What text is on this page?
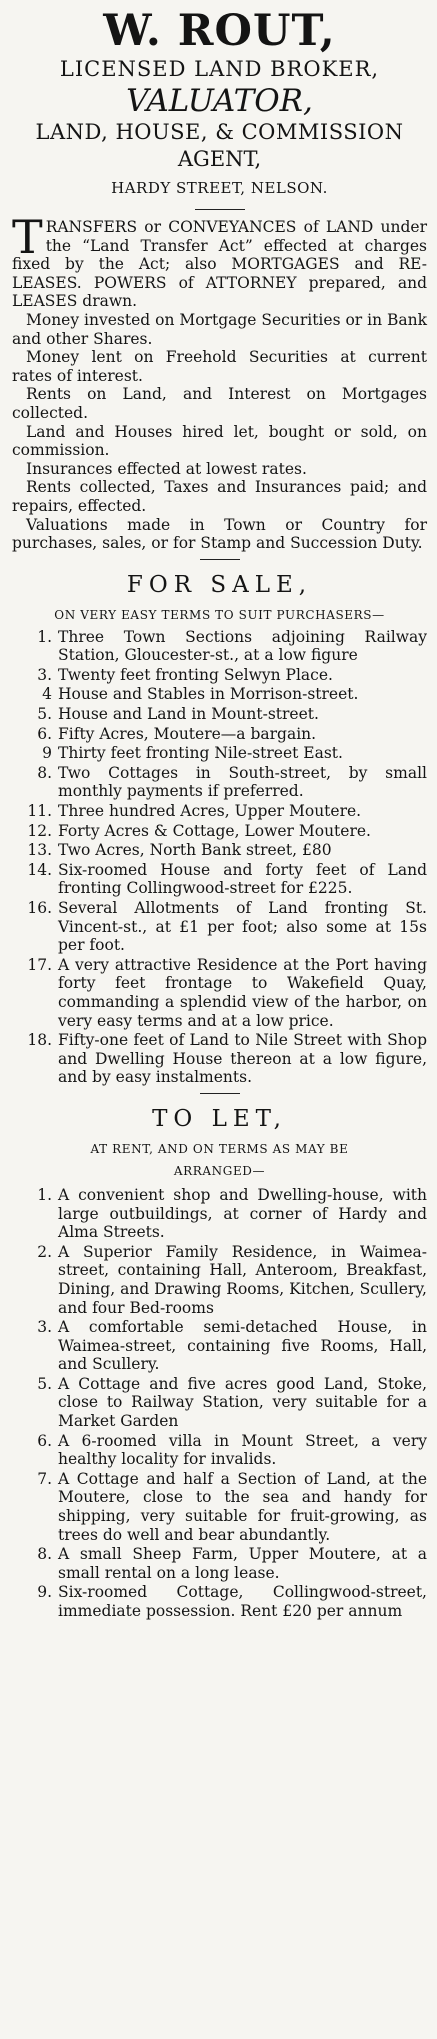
W. ROUT,
LICENSED LAND BROKER,
VALUATOR,
LAND, HOUSE, & COMMISSION
AGENT,
HARDY STREET, NELSON.

TRANSFERS or CONVEYANCES of LAND under the “Land Transfer Act” effected at charges fixed by the Act; also MORTGAGES and RE-LEASES. POWERS of ATTORNEY prepared, and LEASES drawn.

Money invested on Mortgage Securities or in Bank and other Shares.

Money lent on Freehold Securities at current rates of interest.

Rents on Land, and Interest on Mortgages collected.

Land and Houses hired let, bought or sold, on commission.

Insurances effected at lowest rates.

Rents collected, Taxes and Insurances paid; and repairs, effected.

Valuations made in Town or Country for purchases, sales, or for Stamp and Succession Duty.

FOR SALE,
ON VERY EASY TERMS TO SUIT PURCHASERS—
1. Three Town Sections adjoining Railway Station, Gloucester-st., at a low figure
3. Twenty feet fronting Selwyn Place.
4 House and Stables in Morrison-street.
5. House and Land in Mount-street.
6. Fifty Acres, Moutere—a bargain.
9 Thirty feet fronting Nile-street East.
8. Two Cottages in South-street, by small monthly payments if preferred.
11. Three hundred Acres, Upper Moutere.
12. Forty Acres & Cottage, Lower Moutere.
13. Two Acres, North Bank street, £80
14. Six-roomed House and forty feet of Land fronting Collingwood-street for £225.
16. Several Allotments of Land fronting St. Vincent-st., at £1 per foot; also some at 15s per foot.
17. A very attractive Residence at the Port having forty feet frontage to Wakefield Quay, commanding a splendid view of the harbor, on very easy terms and at a low price.
18. Fifty-one feet of Land to Nile Street with Shop and Dwelling House thereon at a low figure, and by easy instalments.
TO LET,
AT RENT, AND ON TERMS AS MAY BE
ARRANGED—
1. A convenient shop and Dwelling-house, with large outbuildings, at corner of Hardy and Alma Streets.
2. A Superior Family Residence, in Waimea-street, containing Hall, Anteroom, Breakfast, Dining, and Drawing Rooms, Kitchen, Scullery, and four Bed-rooms
3. A comfortable semi-detached House, in Waimea-street, containing five Rooms, Hall, and Scullery.
5. A Cottage and five acres good Land, Stoke, close to Railway Station, very suitable for a Market Garden
6. A 6-roomed villa in Mount Street, a very healthy locality for invalids.
7. A Cottage and half a Section of Land, at the Moutere, close to the sea and handy for shipping, very suitable for fruit-growing, as trees do well and bear abundantly.
8. A small Sheep Farm, Upper Moutere, at a small rental on a long lease.
9. Six-roomed Cottage, Collingwood-street, immediate possession. Rent £20 per annum
